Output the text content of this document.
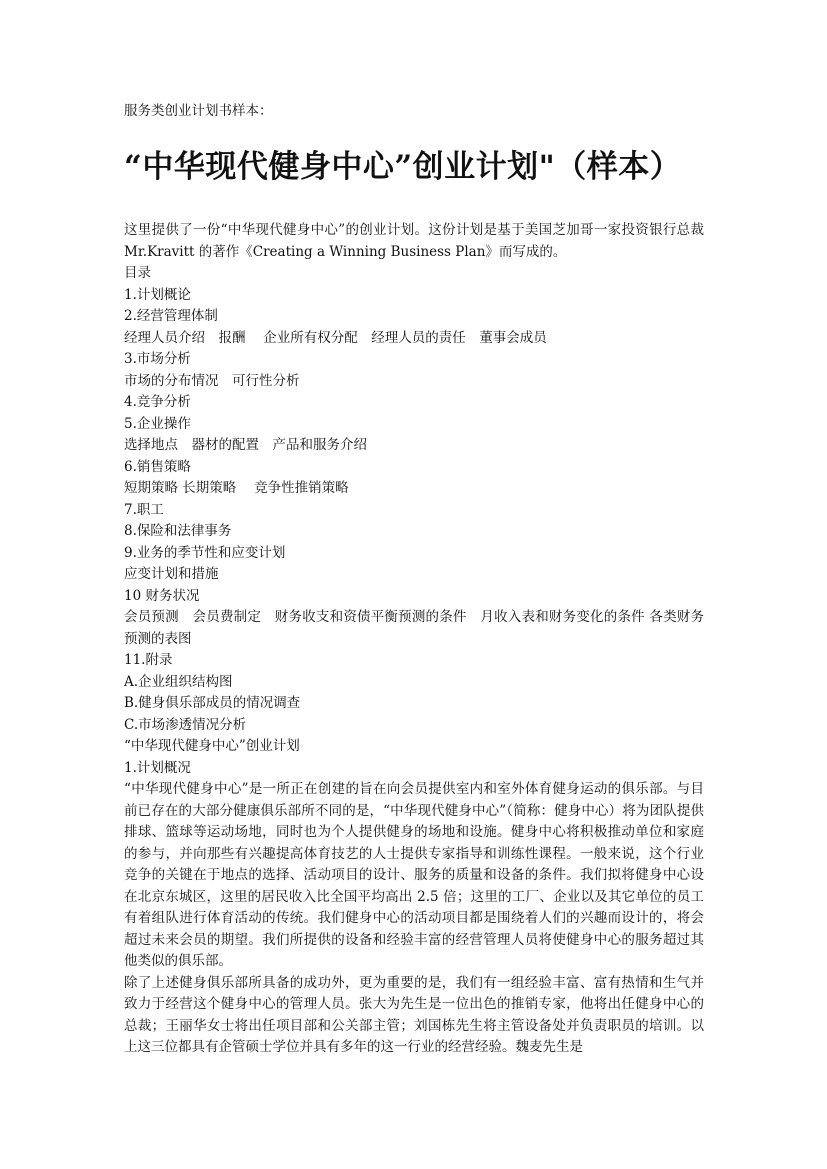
服务类创业计划书样本：
“中华现代健身中心”创业计划"（样本）
这里提供了一份“中华现代健身中心”的创业计划。这份计划是基于美国芝加哥一家投资银行总裁 Mr.Kravitt 的著作《Creating a Winning Business Plan》而写成的。
目录
1.计划概论
2.经营管理体制
经理人员介绍　报酬　 企业所有权分配　经理人员的责任　董事会成员
3.市场分析
市场的分布情况　可行性分析
4.竞争分析
5.企业操作
选择地点　器材的配置　产品和服务介绍
6.销售策略
短期策略 长期策略　 竞争性推销策略
7.职工
8.保险和法律事务
9.业务的季节性和应变计划
应变计划和措施
10 财务状况
会员预测　会员费制定　财务收支和资债平衡预测的条件　月收入表和财务变化的条件 各类财务预测的表图
11.附录
A.企业组织结构图
B.健身俱乐部成员的情况调查
C.市场渗透情况分析
“中华现代健身中心”创业计划
1.计划概况
“中华现代健身中心”是一所正在创建的旨在向会员提供室内和室外体育健身运动的俱乐部。与目前已存在的大部分健康俱乐部所不同的是，“中华现代健身中心”（简称：健身中心）将为团队提供排球、篮球等运动场地，同时也为个人提供健身的场地和设施。健身中心将积极推动单位和家庭的参与，并向那些有兴趣提高体育技艺的人士提供专家指导和训练性课程。一般来说，这个行业竞争的关键在于地点的选择、活动项目的设计、服务的质量和设备的条件。我们拟将健身中心设在北京东城区，这里的居民收入比全国平均高出 2.5 倍；这里的工厂、企业以及其它单位的员工有着组队进行体育活动的传统。我们健身中心的活动项目都是围绕着人们的兴趣而设计的，将会超过未来会员的期望。我们所提供的设备和经验丰富的经营管理人员将使健身中心的服务超过其他类似的俱乐部。
除了上述健身俱乐部所具备的成功外，更为重要的是，我们有一组经验丰富、富有热情和生气并致力于经营这个健身中心的管理人员。张大为先生是一位出色的推销专家，他将出任健身中心的总裁；王丽华女士将出任项目部和公关部主管；刘国栋先生将主管设备处并负责职员的培训。以上这三位都具有企管硕士学位并具有多年的这一行业的经营经验。魏麦先生是
